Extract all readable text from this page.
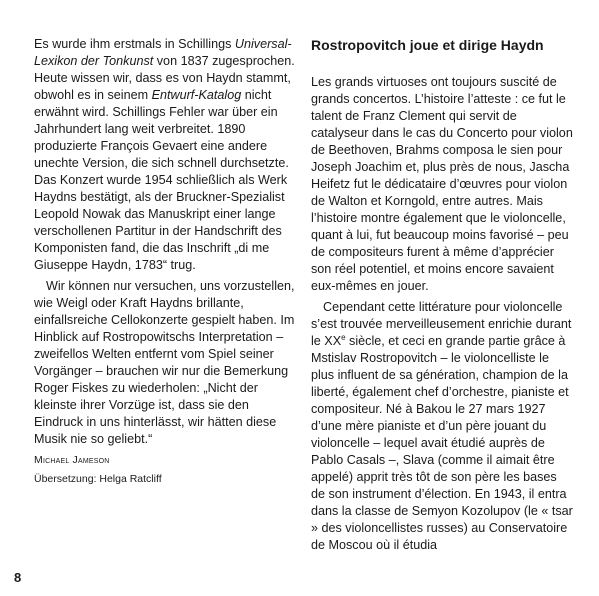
Es wurde ihm erstmals in Schillings Universal-Lexikon der Tonkunst von 1837 zugesprochen. Heute wissen wir, dass es von Haydn stammt, obwohl es in seinem Entwurf-Katalog nicht erwähnt wird. Schillings Fehler war über ein Jahrhundert lang weit verbreitet. 1890 produzierte François Gevaert eine andere unechte Version, die sich schnell durchsetzte. Das Konzert wurde 1954 schließlich als Werk Haydns bestätigt, als der Bruckner-Spezialist Leopold Nowak das Manuskript einer lange verschollenen Partitur in der Handschrift des Komponisten fand, die das Inschrift „di me Giuseppe Haydn, 1783“ trug.

Wir können nur versuchen, uns vorzustellen, wie Weigl oder Kraft Haydns brillante, einfallsreiche Cellokonzerte gespielt haben. Im Hinblick auf Rostropowitschs Interpretation – zweifellos Welten entfernt vom Spiel seiner Vorgänger – brauchen wir nur die Bemerkung Roger Fiskes zu wiederholen: „Nicht der kleinste ihrer Vorzüge ist, dass sie den Eindruck in uns hinterlässt, wir hätten diese Musik nie so geliebt.“

Michael Jameson

Übersetzung: Helga Ratcliff

Rostropovitch joue et dirige Haydn

Les grands virtuoses ont toujours suscité de grands concertos. L’histoire l’atteste : ce fut le talent de Franz Clement qui servit de catalyseur dans le cas du Concerto pour violon de Beethoven, Brahms composa le sien pour Joseph Joachim et, plus près de nous, Jascha Heifetz fut le dédicataire d’œuvres pour violon de Walton et Korngold, entre autres. Mais l’histoire montre également que le violoncelle, quant à lui, fut beaucoup moins favorisé – peu de compositeurs furent à même d’apprécier son réel potentiel, et moins encore savaient eux-mêmes en jouer.

Cependant cette littérature pour violoncelle s’est trouvée merveilleusement enrichie durant le XXe siècle, et ceci en grande partie grâce à Mstislav Rostropovitch – le violoncelliste le plus influent de sa génération, champion de la liberté, également chef d’orchestre, pianiste et compositeur. Né à Bakou le 27 mars 1927 d’une mère pianiste et d’un père jouant du violoncelle – lequel avait étudié auprès de Pablo Casals –, Slava (comme il aimait être appelé) apprit très tôt de son père les bases de son instrument d’élection. En 1943, il entra dans la classe de Semyon Kozolupov (le « tsar » des violoncellistes russes) au Conservatoire de Moscou où il étudia

8
